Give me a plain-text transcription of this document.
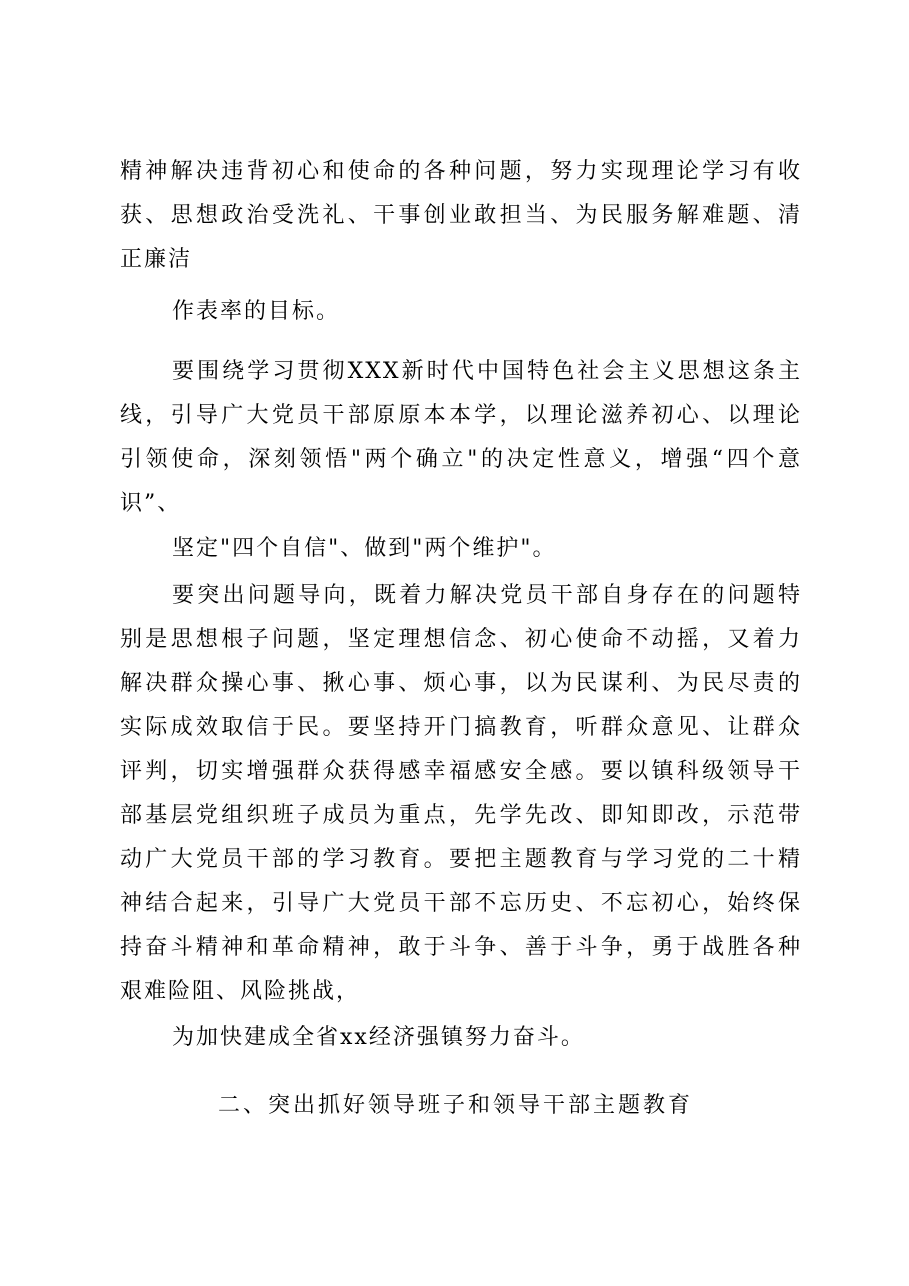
精神解决违背初心和使命的各种问题，努力实现理论学习有收
获、思想政治受洗礼、干事创业敢担当、为民服务解难题、清
正廉洁

作表率的目标。

要围绕学习贯彻XXX新时代中国特色社会主义思想这条主
线，引导广大党员干部原原本本学，以理论滋养初心、以理论
引领使命，深刻领悟"两个确立"的决定性意义，增强“四个意
识”、

坚定"四个自信"、做到"两个维护"。

要突出问题导向，既着力解决党员干部自身存在的问题特
别是思想根子问题，坚定理想信念、初心使命不动摇，又着力
解决群众操心事、揪心事、烦心事，以为民谋利、为民尽责的
实际成效取信于民。要坚持开门搞教育，听群众意见、让群众
评判，切实增强群众获得感幸福感安全感。要以镇科级领导干
部基层党组织班子成员为重点，先学先改、即知即改，示范带
动广大党员干部的学习教育。要把主题教育与学习党的二十精
神结合起来，引导广大党员干部不忘历史、不忘初心，始终保
持奋斗精神和革命精神，敢于斗争、善于斗争，勇于战胜各种
艰难险阻、风险挑战，

为加快建成全省xx经济强镇努力奋斗。

二、突出抓好领导班子和领导干部主题教育
